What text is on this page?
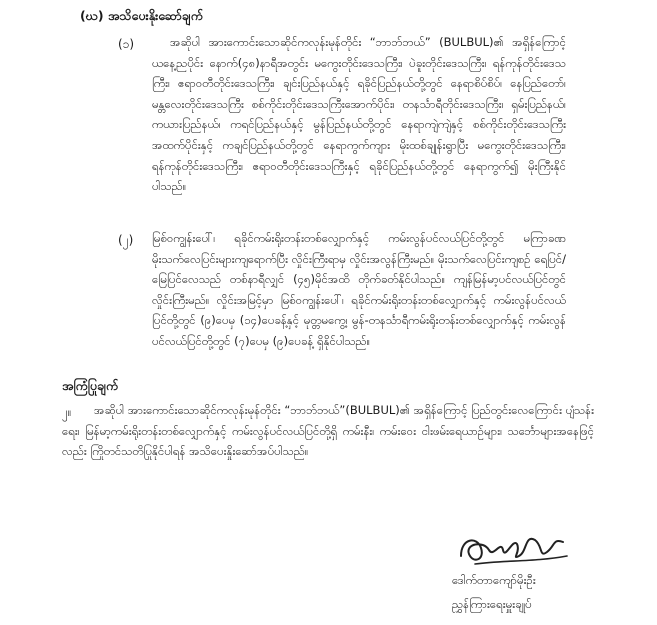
(ဃ) အသိပေးနိုးဆော်ချက်
(၁)	အဆိုပါ အားကောင်းသောဆိုင်ကလုန်းမုန်တိုင်း “ဘာဘ်ဘယ်” (BULBUL)၏ အရှိန်ကြောင့် ယနေ့ညပိုင်း နောက်(၄၈)နာရီအတွင်း မကွေးတိုင်းဒေသကြီး၊ ပဲခူးတိုင်းဒေသကြီး၊ ရန်ကုန်တိုင်းဒေသကြီး၊ ဧရာဝတီတိုင်းဒေသကြီး၊ ချင်းပြည်နယ်နှင့် ရခိုင်ပြည်နယ်တို့တွင် နေရာစိပ်စိပ်၊ နေပြည်တော်၊ မန္တလေးတိုင်းဒေသကြီး စစ်ကိုင်းတိုင်းဒေသကြီးအောက်ပိုင်း၊ တနင်္သာရီတိုင်းဒေသကြီး၊ ရှမ်းပြည်နယ်၊ ကယားပြည်နယ်၊ ကရင်ပြည်နယ်နှင့် မွန်ပြည်နယ်တို့တွင် နေရာကျဲကျဲနှင့် စစ်ကိုင်းတိုင်းဒေသကြီးအထက်ပိုင်းနှင့် ကချင်ပြည်နယ်တို့တွင် နေရာကွက်ကျား မိုးထစ်ချုန်းရွာပြီး မကွေးတိုင်းဒေသကြီး၊ ရန်ကုန်တိုင်းဒေသကြီး၊ ဧရာဝတီတိုင်းဒေသကြီးနှင့် ရခိုင်ပြည်နယ်တို့တွင် နေရာကွက်၍ မိုးကြီးနိုင်ပါသည်။
(၂) မြစ်ဝကျွန်းပေါ်၊ ရခိုင်ကမ်းရိုးတန်းတစ်လျှောက်နှင့် ကမ်းလွန်ပင်လယ်ပြင်တို့တွင် မကြာခဏ မိုးသက်လေပြင်းများကျရောက်ပြီး လှိုင်းကြီးရာမှ လှိုင်းအလွန်ကြီးမည်။ မိုးသက်လေပြင်းကျစဉ် ရေပြင်/မြေပြင်လေသည် တစ်နာရီလျှင် (၄၅)မိုင်အထိ တိုက်ခတ်နိုင်ပါသည်။ ကျန်မြန်မာ့ပင်လယ်ပြင်တွင် လှိုင်းကြီးမည်။ လှိုင်းအမြင့်မှာ မြစ်ဝကျွန်းပေါ်၊ ရခိုင်ကမ်းရိုးတန်းတစ်လျှောက်နှင့် ကမ်းလွန်ပင်လယ်ပြင်တို့တွင် (၉)ပေမှ (၁၄)ပေခန့်နှင့် မုတ္တမကွေ့၊ မွန်-တနင်္သာရီကမ်းရိုးတန်းတစ်လျှောက်နှင့် ကမ်းလွန်ပင်လယ်ပြင်တို့တွင် (၇)ပေမှ (၉)ပေခန့် ရှိနိုင်ပါသည်။
အကြံပြုချက်
၂။	အဆိုပါ အားကောင်းသောဆိုင်ကလုန်းမုန်တိုင်း “ဘာဘ်ဘယ်”(BULBUL)၏ အရှိန်ကြောင့် ပြည်တွင်းလေကြောင်း ပျံသန်းရေး၊ မြန်မာ့ကမ်းရိုးတန်းတစ်လျှောက်နှင့် ကမ်းလွန်ပင်လယ်ပြင်တို့ရှိ ကမ်းနီး၊ ကမ်းဝေး ငါးဖမ်းရေယာဉ်များ၊ သင်္ဘောများအနေဖြင့်လည်း ကြိုတင်သတိပြုနိုင်ပါရန် အသိပေးနှိုးဆော်အပ်ပါသည်။
ဒေါက်တာကျော်မိုးဦး
ညွှန်ကြားရေးမှူးချုပ်
